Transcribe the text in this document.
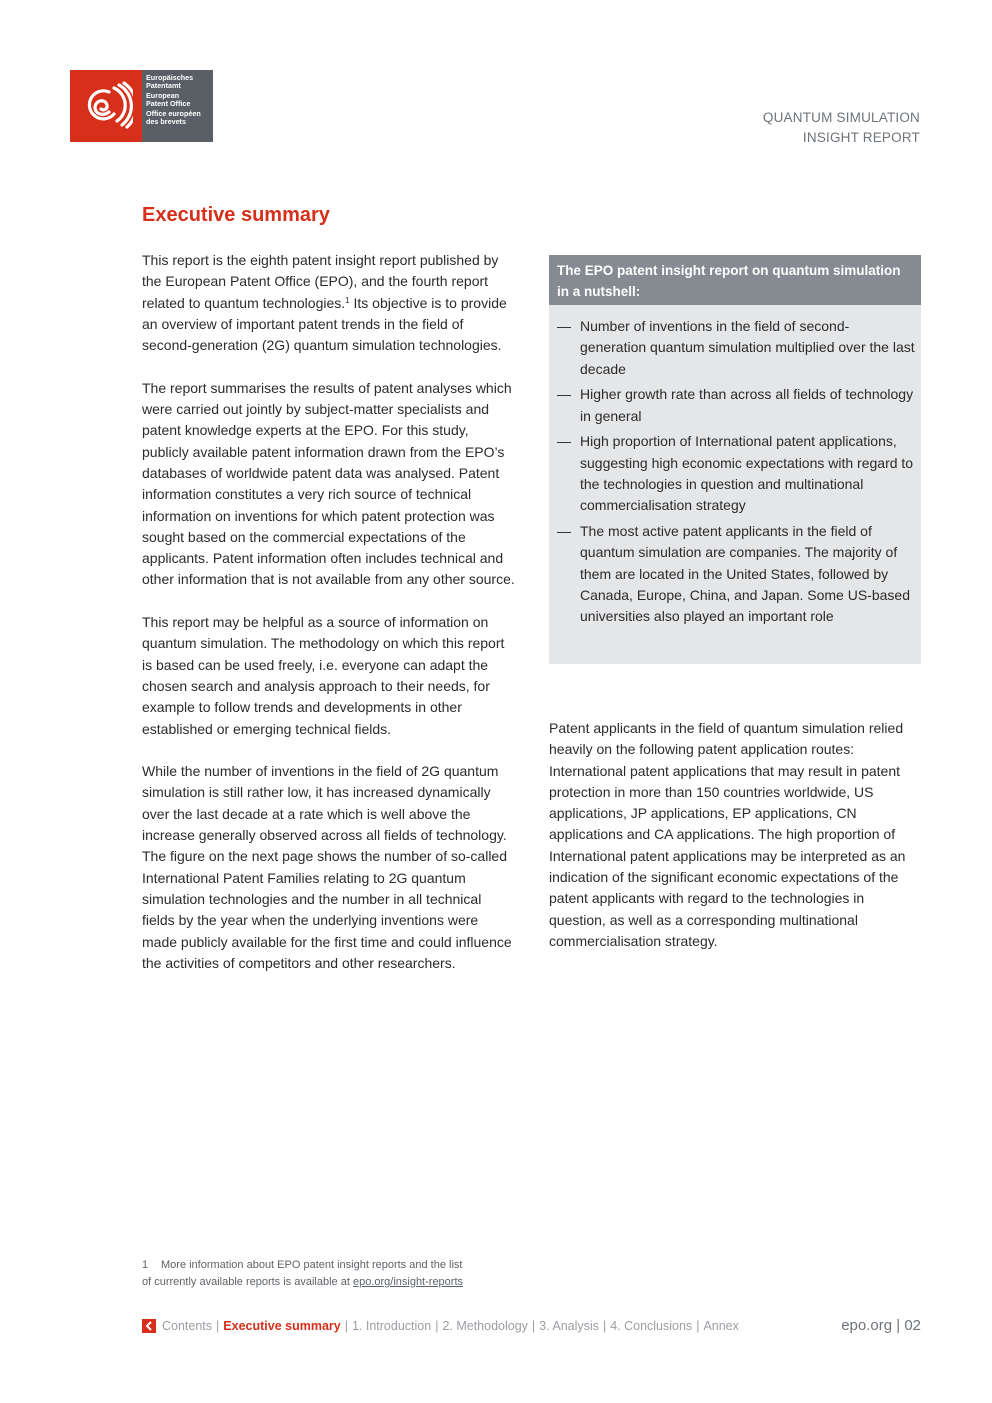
Europäisches
Patentamt
European
Patent Office
Office européen
des brevets	QUANTUM SIMULATION
INSIGHT REPORT
Executive summary

This report is the eighth patent insight report published by the European Patent Office (EPO), and the fourth report related to quantum technologies.$^1$ Its objective is to provide an overview of important patent trends in the field of second-generation (2G) quantum simulation technologies.

The report summarises the results of patent analyses which were carried out jointly by subject-matter specialists and patent knowledge experts at the EPO. For this study, publicly available patent information drawn from the EPO’s databases of worldwide patent data was analysed. Patent information constitutes a very rich source of technical information on inventions for which patent protection was sought based on the commercial expectations of the applicants. Patent information often includes technical and other information that is not available from any other source.

This report may be helpful as a source of information on quantum simulation. The methodology on which this report is based can be used freely, i.e. everyone can adapt the chosen search and analysis approach to their needs, for example to follow trends and developments in other established or emerging technical fields.

While the number of inventions in the field of 2G quantum simulation is still rather low, it has increased dynamically over the last decade at a rate which is well above the increase generally observed across all fields of technology. The figure on the next page shows the number of so-called International Patent Families relating to 2G quantum simulation technologies and the number in all technical fields by the year when the underlying inventions were made publicly available for the first time and could influence the activities of competitors and other researchers.

The EPO patent insight report on quantum simulation in a nutshell:
— Number of inventions in the field of second-generation quantum simulation multiplied over the last decade
— Higher growth rate than across all fields of technology in general
— High proportion of International patent applications, suggesting high economic expectations with regard to the technologies in question and multinational commercialisation strategy
— The most active patent applicants in the field of quantum simulation are companies. The majority of them are located in the United States, followed by Canada, Europe, China, and Japan. Some US-based universities also played an important role

Patent applicants in the field of quantum simulation relied heavily on the following patent application routes: International patent applications that may result in patent protection in more than 150 countries worldwide, US applications, JP applications, EP applications, CN applications and CA applications. The high proportion of International patent applications may be interpreted as an indication of the significant economic expectations of the patent applicants with regard to the technologies in question, as well as a corresponding multinational commercialisation strategy.

1 More information about EPO patent insight reports and the list
of currently available reports is available at epo.org/insight-reports
Contents | Executive summary | 1. Introduction | 2. Methodology | 3. Analysis | 4. Conclusions | Annex	epo.org | 02
